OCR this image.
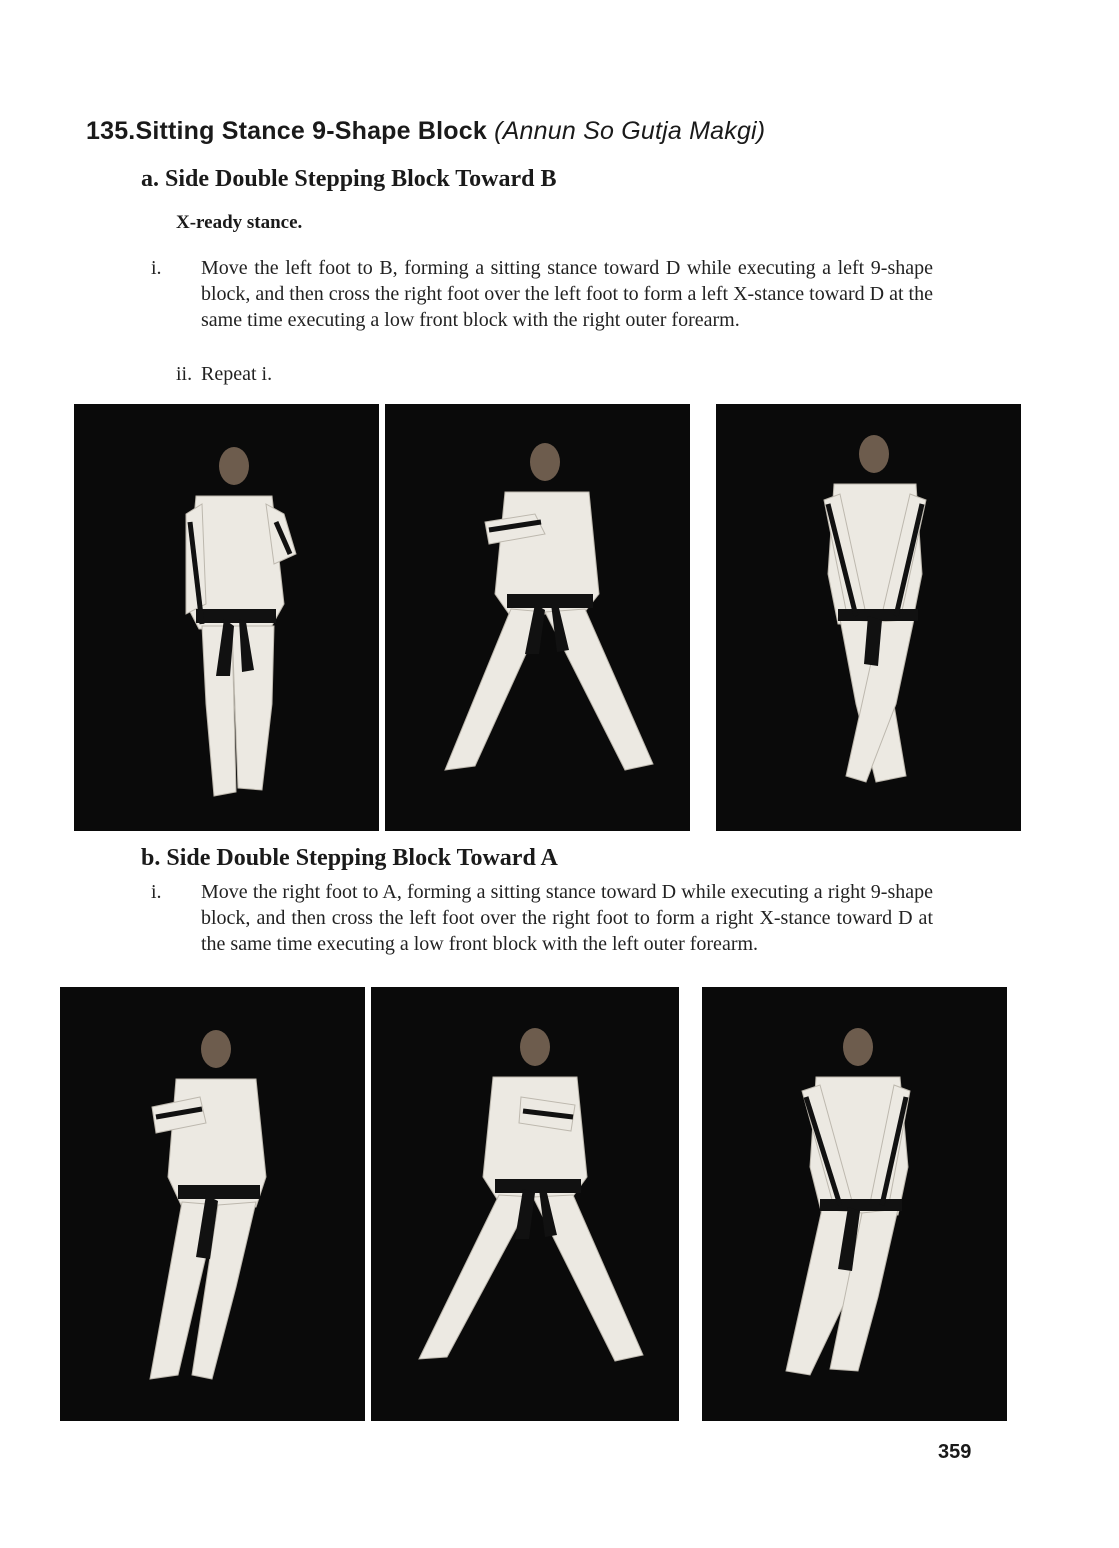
135.Sitting Stance 9-Shape Block (Annun So Gutja Makgi)
a. Side Double Stepping Block Toward B
X-ready stance.
i. Move the left foot to B, forming a sitting stance toward D while executing a left 9-shape block, and then cross the right foot over the left foot to form a left X-stance toward D at the same time executing a low front block with the right outer forearm.
ii. Repeat i.
b. Side Double Stepping Block Toward A
i. Move the right foot to A, forming a sitting stance toward D while executing a right 9-shape block, and then cross the left foot over the right foot to form a right X-stance toward D at the same time executing a low front block with the left outer forearm.
359
